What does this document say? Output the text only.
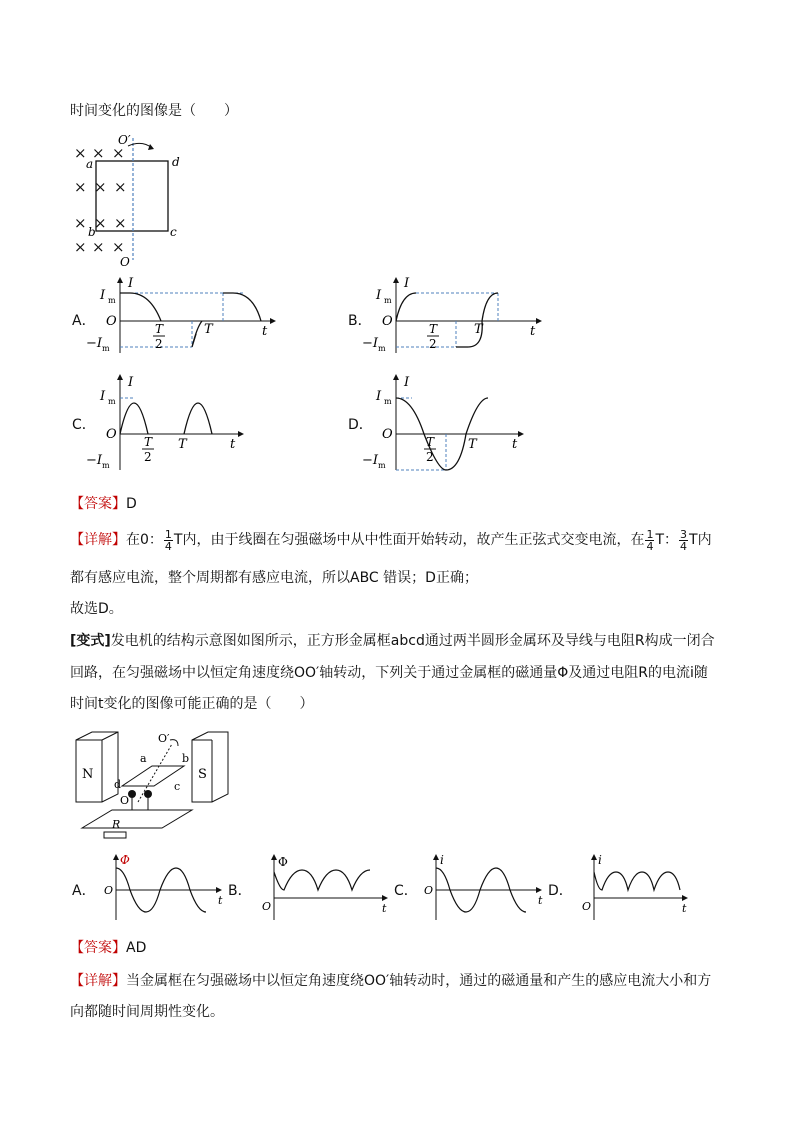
时间变化的图像是（　　）
× × ×
× × ×
× × ×
× × ×
a	d
b	c
O′
O
A．
I
I m
O
−I m
T
2
T	t
B．
I
I m
O
−I m
T
2
T	t
C．
I
I m
O
−I m
T
2
T	t
D．
I
I m
O
−I m
T
2
T	t
【答案】D
【详解】在0： $\frac{1}{4}$ T内，由于线圈在匀强磁场中从中性面开始转动，故产生正弦式交变电流，在 $\frac{1}{4}$ T： $\frac{3}{4}$ T内
都有感应电流，整个周期都有感应电流，所以ABC 错误；D正确；
故选D。
[变式]发电机的结构示意图如图所示，正方形金属框abcd通过两半圆形金属环及导线与电阻R构成一闭合
回路，在匀强磁场中以恒定角速度绕OO′轴转动，下列关于通过金属框的磁通量Φ及通过电阻R的电流i随
时间t变化的图像可能正确的是（　　）
N	S
R
a	b
c
d
O
O′
A．
Φ
O
t
B．
Φ
O	t
C．
i
O
t
D．
i
O	t
【答案】AD
【详解】当金属框在匀强磁场中以恒定角速度绕OO′轴转动时，通过的磁通量和产生的感应电流大小和方
向都随时间周期性变化。
